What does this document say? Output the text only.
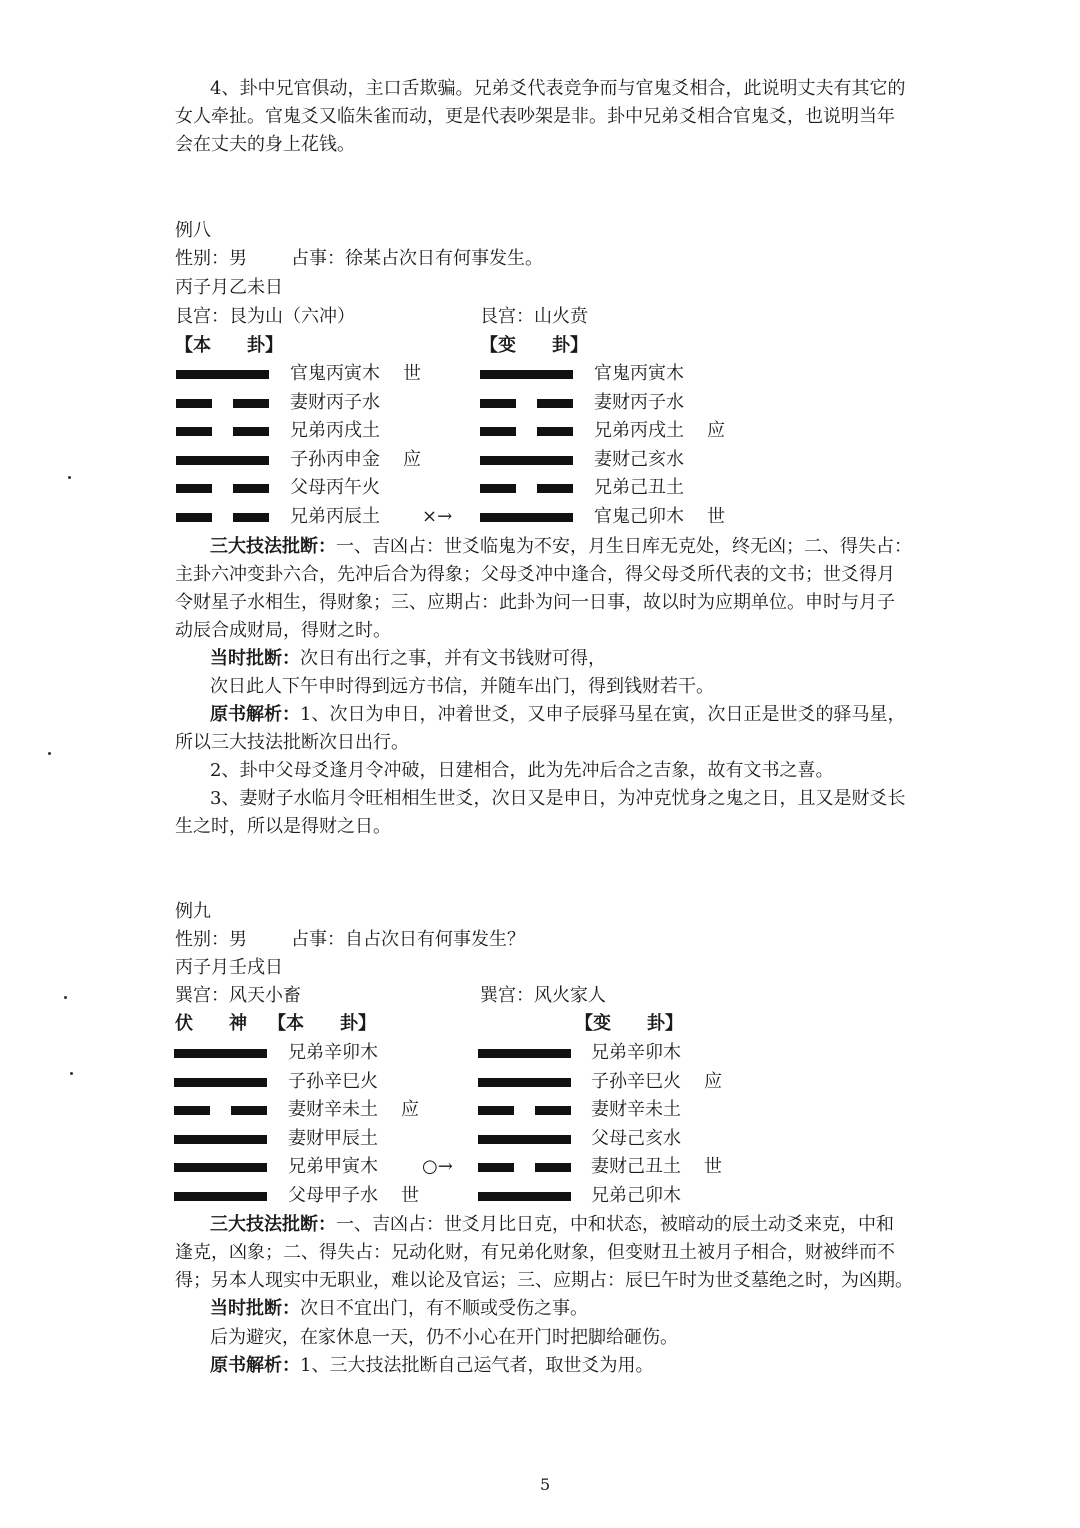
4、卦中兄官俱动，主口舌欺骗。兄弟爻代表竞争而与官鬼爻相合，此说明丈夫有其它的
女人牵扯。官鬼爻又临朱雀而动，更是代表吵架是非。卦中兄弟爻相合官鬼爻，也说明当年
会在丈夫的身上花钱。
例八
性别：男	占事：徐某占次日有何事发生。
丙子月乙未日
艮宫：艮为山（六冲）	艮宫：山火贲
【本　　卦】	【变　　卦】
官鬼丙寅木 世	官鬼丙寅木
妻财丙子水	妻财丙子水
兄弟丙戌土	兄弟丙戌土 应
子孙丙申金 应	妻财己亥水
父母丙午火	兄弟己丑土
兄弟丙辰土 ×→	官鬼己卯木 世
三大技法批断：一、吉凶占：世爻临鬼为不安，月生日库无克处，终无凶；二、得失占：
主卦六冲变卦六合，先冲后合为得象；父母爻冲中逢合，得父母爻所代表的文书；世爻得月
令财星子水相生，得财象；三、应期占：此卦为问一日事，故以时为应期单位。申时与月子
动辰合成财局，得财之时。
当时批断：次日有出行之事，并有文书钱财可得，
次日此人下午申时得到远方书信，并随车出门，得到钱财若干。
原书解析：1、次日为申日，冲着世爻，又申子辰驿马星在寅，次日正是世爻的驿马星，
所以三大技法批断次日出行。
2、卦中父母爻逢月令冲破，日建相合，此为先冲后合之吉象，故有文书之喜。
3、妻财子水临月令旺相相生世爻，次日又是申日，为冲克忧身之鬼之日，且又是财爻长
生之时，所以是得财之日。
例九
性别：男	占事：自占次日有何事发生？
丙子月壬戌日
巽宫：风天小畜	巽宫：风火家人
伏　　神	【本　　卦】	【变　　卦】
兄弟辛卯木	兄弟辛卯木
子孙辛巳火	子孙辛巳火 应
妻财辛未土 应	妻财辛未土
妻财甲辰土	父母己亥水
兄弟甲寅木 ○→	妻财己丑土 世
父母甲子水 世	兄弟己卯木
三大技法批断：一、吉凶占：世爻月比日克，中和状态，被暗动的辰土动爻来克，中和
逢克，凶象；二、得失占：兄动化财，有兄弟化财象，但变财丑土被月子相合，财被绊而不
得；另本人现实中无职业，难以论及官运；三、应期占：辰巳午时为世爻墓绝之时，为凶期。
当时批断：次日不宜出门，有不顺或受伤之事。
后为避灾，在家休息一天，仍不小心在开门时把脚给砸伤。
原书解析：1、三大技法批断自己运气者，取世爻为用。
5
